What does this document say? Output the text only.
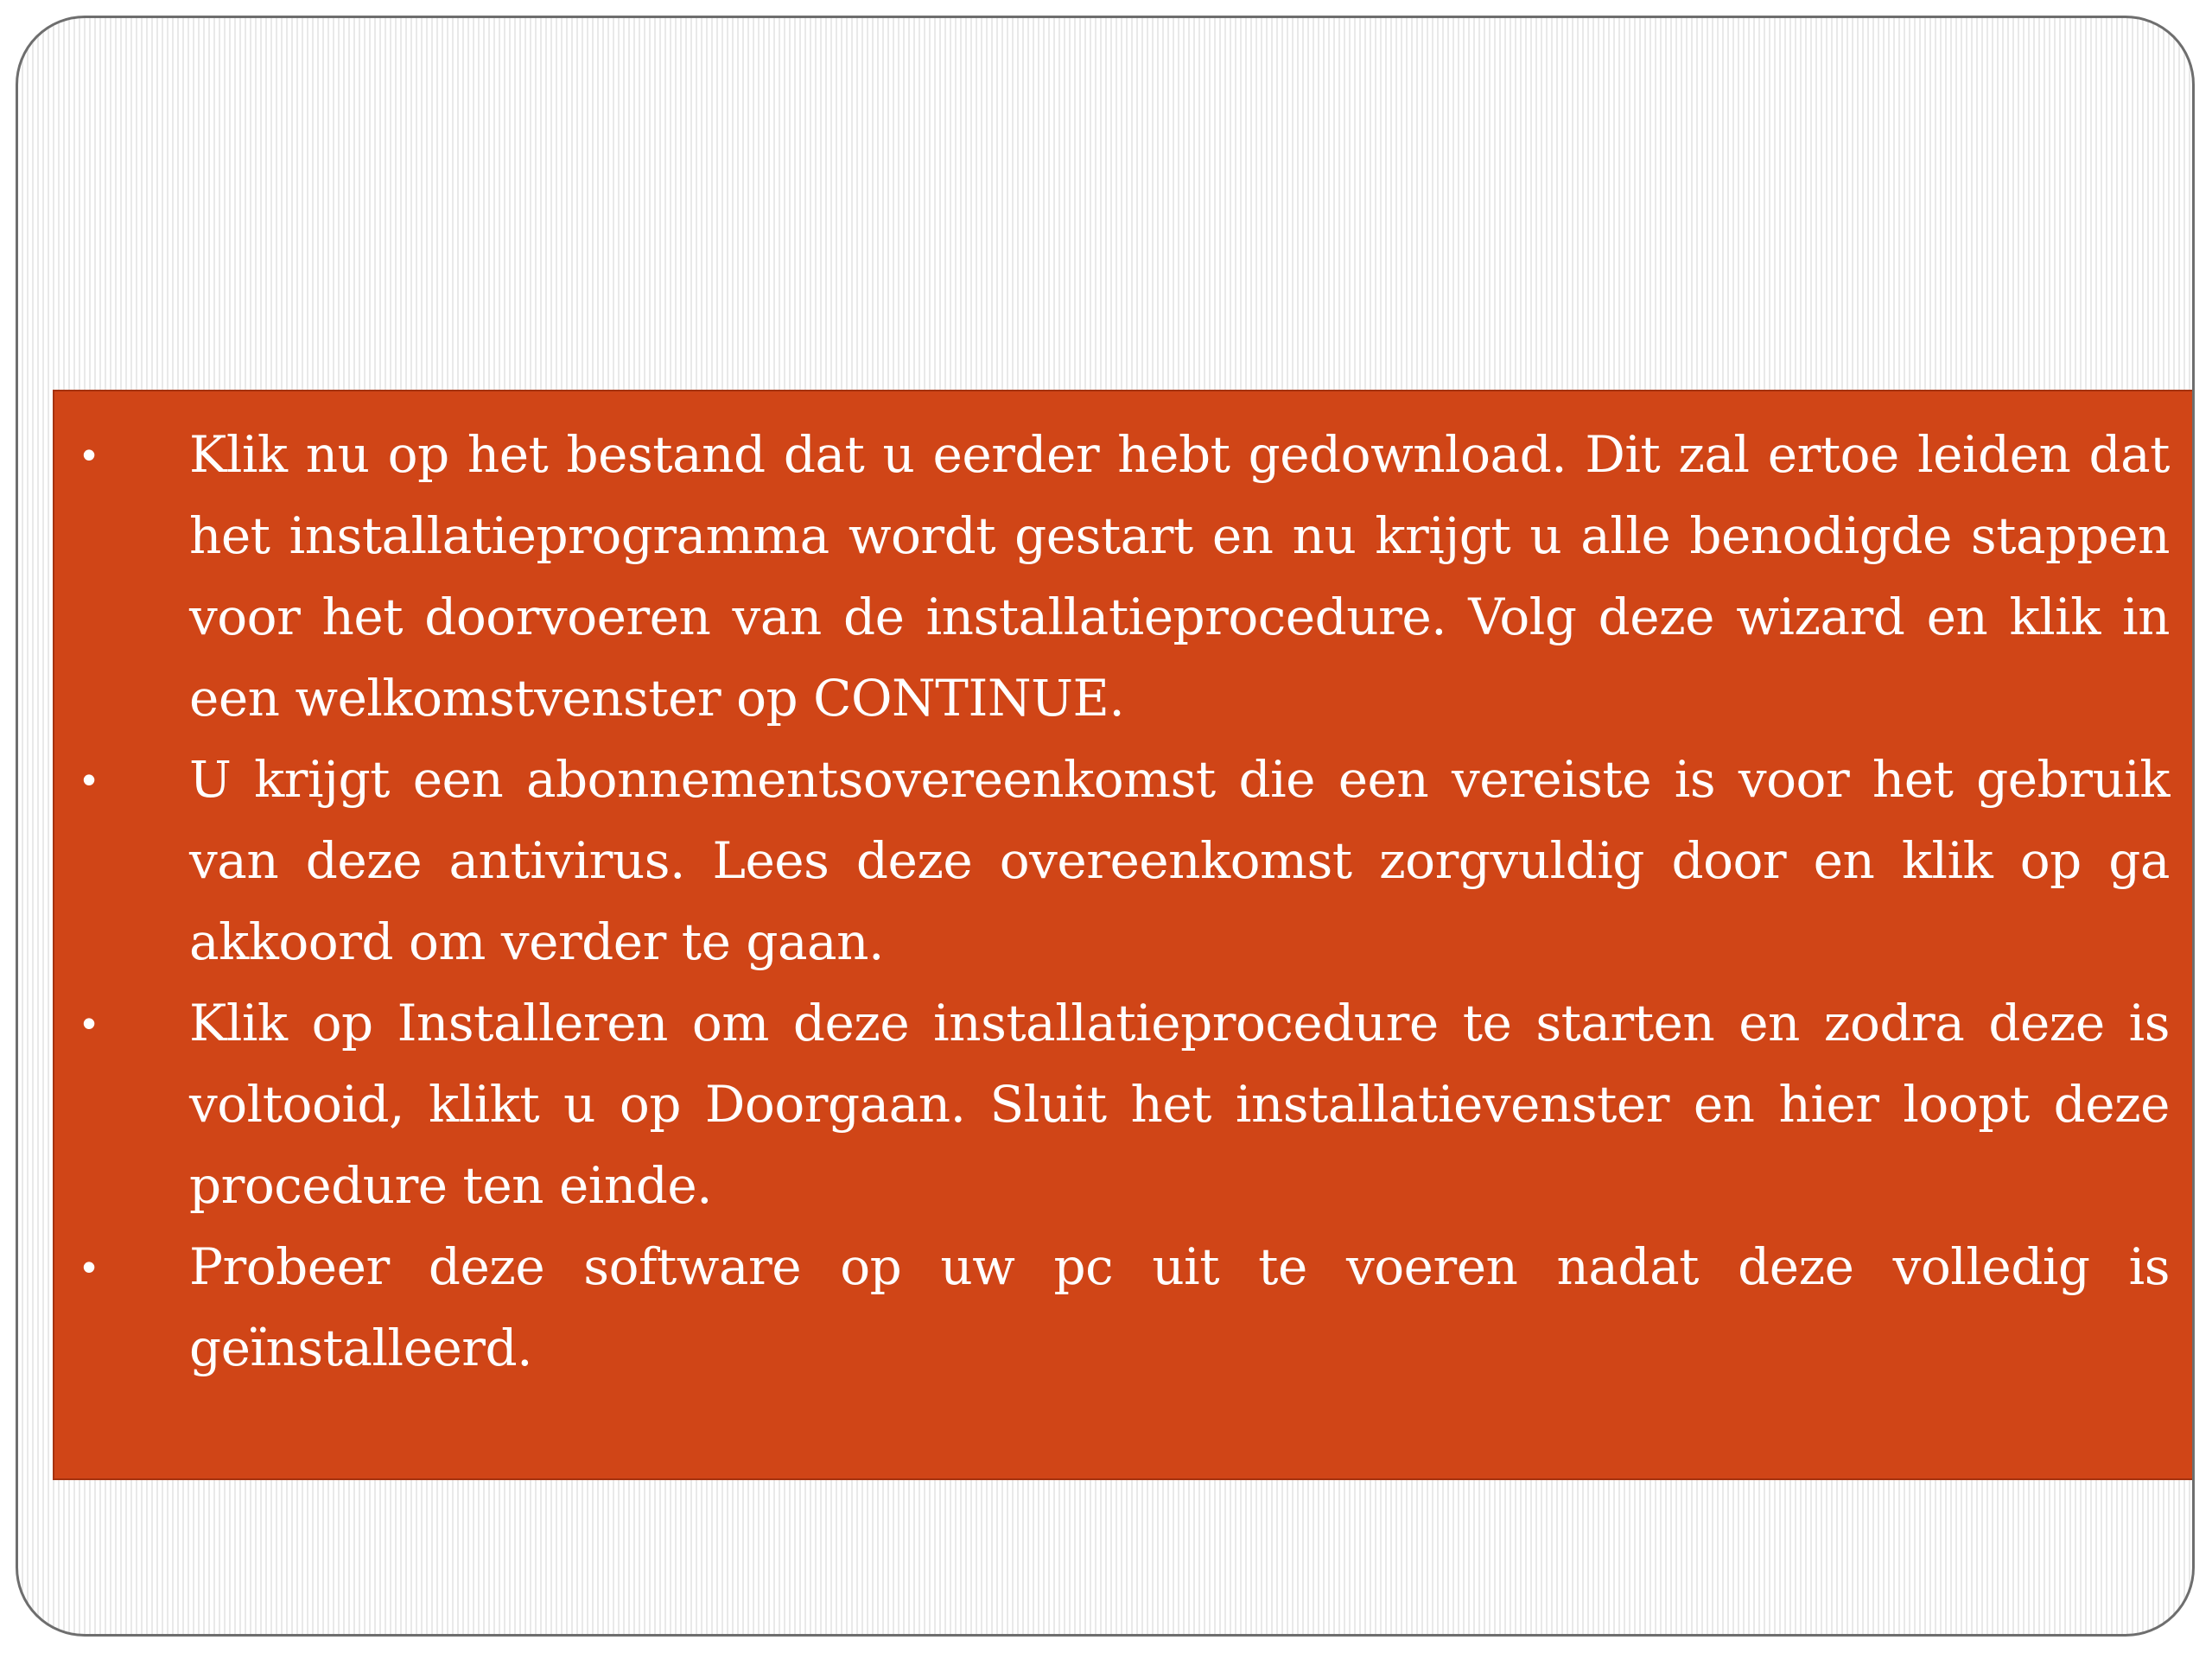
•	Klik nu op het bestand dat u eerder hebt gedownload. Dit zal ertoe leiden dat het installatieprogramma wordt gestart en nu krijgt u alle benodigde stappen voor het doorvoeren van de installatieprocedure. Volg deze wizard en klik in een welkomstvenster op CONTINUE.
•	U krijgt een abonnementsovereenkomst die een vereiste is voor het gebruik van deze antivirus. Lees deze overeenkomst zorgvuldig door en klik op ga akkoord om verder te gaan.
•	Klik op Installeren om deze installatieprocedure te starten en zodra deze is voltooid, klikt u op Doorgaan. Sluit het installatievenster en hier loopt deze procedure ten einde.
•	Probeer deze software op uw pc uit te voeren nadat deze volledig is geïnstalleerd.
